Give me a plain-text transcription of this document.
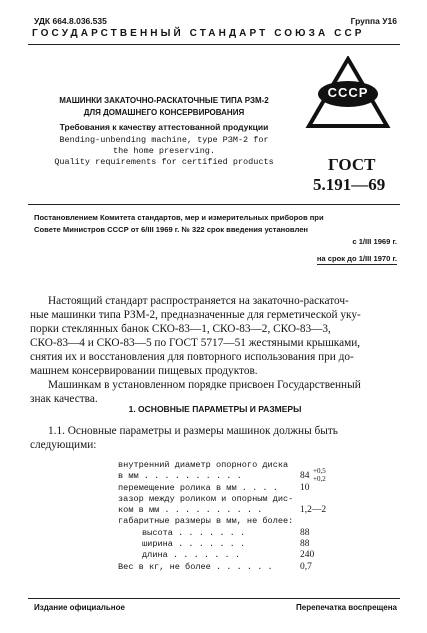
УДК 664.8.036.535	Группа У16
ГОСУДАРСТВЕННЫЙ СТАНДАРТ СОЮЗА ССР
МАШИНКИ ЗАКАТОЧНО-РАСКАТОЧНЫЕ ТИПА РЗМ-2
ДЛЯ ДОМАШНЕГО КОНСЕРВИРОВАНИЯ
Требования к качеству аттестованной продукции
Bending-unbending machine, type РЗМ-2 for
the home preserving.
Quality requirements for certified products
СССР
ГОСТ
5.191—69
Постановлением Комитета стандартов, мер и измерительных приборов при
Совете Министров СССР от 6/III 1969 г. № 322 срок введения установлен
с 1/III 1969 г.
на срок до 1/III 1970 г.
Настоящий стандарт распространяется на закаточно-раскаточ-
ные машинки типа РЗМ-2, предназначенные для герметической уку-
порки стеклянных банок СКО-83—1, СКО-83—2, СКО-83—3,
СКО-83—4 и СКО-83—5 по ГОСТ 5717—51 жестяными крышками,
снятия их и восстановления для повторного использования при до-
машнем консервировании пищевых продуктов.
Машинкам в установленном порядке присвоен Государственный
знак качества.
1. ОСНОВНЫЕ ПАРАМЕТРЫ И РАЗМЕРЫ
1.1. Основные параметры и размеры машинок должны быть
следующими:
внутренний диаметр опорного диска
в мм . . . . . . . . . .
перемещение ролика в мм . . . .
зазор между роликом и опорным дис-
ком в мм . . . . . . . . . .
габаритные размеры в мм, не более:
высота . . . . . . .
ширина . . . . . . .
длина . . . . . . .
Вес в кг, не более . . . . . .
84 +0,5
+0,2
10
1,2—2
88
88
240
0,7
Издание официальное	Перепечатка воспрещена
